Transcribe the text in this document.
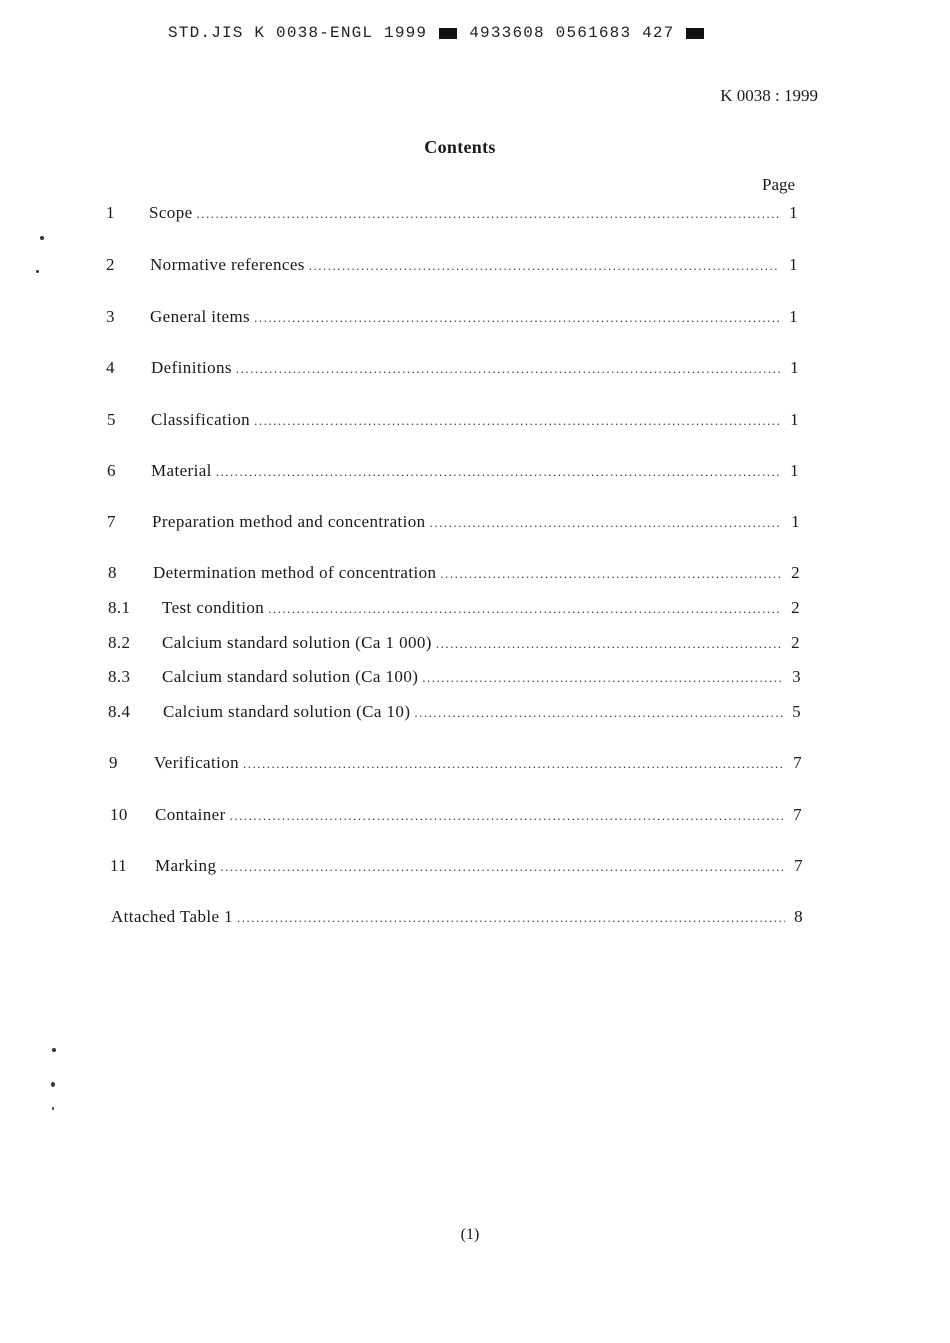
STD.JIS K 0038-ENGL 1999	4933608 0561683 427
K 0038 : 1999
Contents
Page
1	Scope .....	1
2	Normative references .....	1
3	General items .....	1
4	Definitions .....	1
5	Classification .....	1
6	Material .....	1
7	Preparation method and concentration .....	1
8	Determination method of concentration .....	2
8.1	Test condition .....	2
8.2	Calcium standard solution (Ca 1 000) .....	2
8.3	Calcium standard solution (Ca 100) .....	3
8.4	Calcium standard solution (Ca 10) .....	5
9	Verification .....	7
10	Container .....	7
11	Marking .....	7
Attached Table 1 .....	8
(1)
